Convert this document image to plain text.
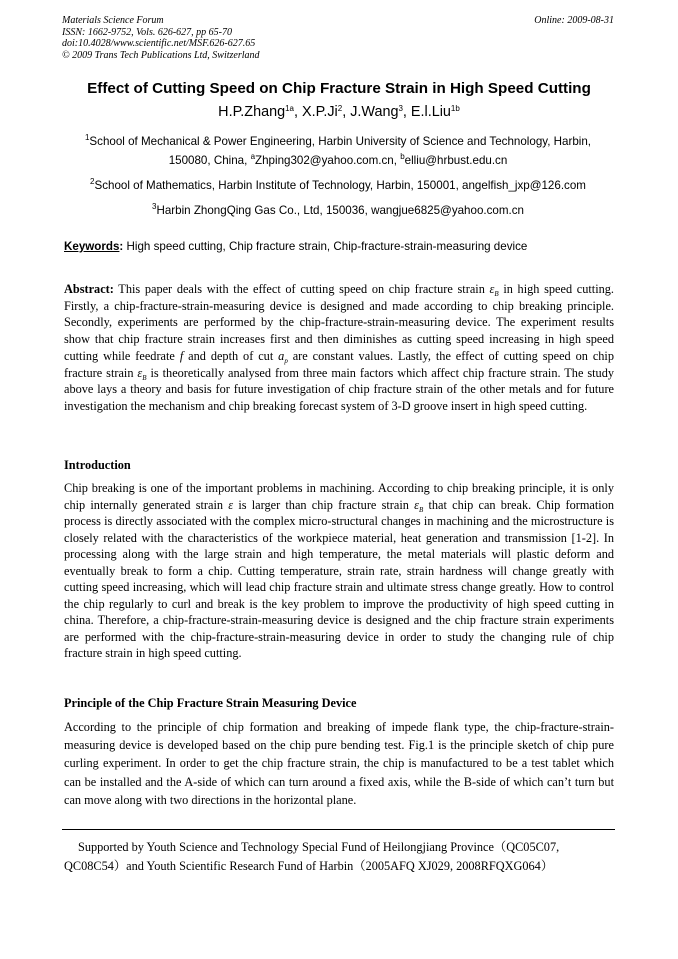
Materials Science Forum
ISSN: 1662-9752, Vols. 626-627, pp 65-70
doi:10.4028/www.scientific.net/MSF.626-627.65
© 2009 Trans Tech Publications Ltd, Switzerland
Online: 2009-08-31
Effect of Cutting Speed on Chip Fracture Strain in High Speed Cutting
H.P.Zhang$^{1a}$, X.P.Ji$^2$, J.Wang$^3$, E.l.Liu$^{1b}$
$^1$School of Mechanical & Power Engineering, Harbin University of Science and Technology, Harbin,
150080, China, $^a$Zhping302@yahoo.com.cn, $^b$elliu@hrbust.edu.cn
$^2$School of Mathematics, Harbin Institute of Technology, Harbin, 150001, angelfish_jxp@126.com
$^3$Harbin ZhongQing Gas Co., Ltd, 150036, wangjue6825@yahoo.com.cn
Keywords: High speed cutting, Chip fracture strain, Chip-fracture-strain-measuring device
Abstract: This paper deals with the effect of cutting speed on chip fracture strain $\varepsilon_B$ in high speed cutting. Firstly, a chip-fracture-strain-measuring device is designed and made according to chip breaking principle. Secondly, experiments are performed by the chip-fracture-strain-measuring device. The experiment results show that chip fracture strain increases first and then diminishes as cutting speed increasing in high speed cutting while feedrate f and depth of cut $a_p$ are constant values. Lastly, the effect of cutting speed on chip fracture strain $\varepsilon_B$ is theoretically analysed from three main factors which affect chip fracture strain. The study above lays a theory and basis for future investigation of chip fracture strain of the other metals and for future investigation the mechanism and chip breaking forecast system of 3-D groove insert in high speed cutting.
Introduction
Chip breaking is one of the important problems in machining. According to chip breaking principle, it is only chip internally generated strain ε is larger than chip fracture strain $\varepsilon_B$ that chip can break. Chip formation process is directly associated with the complex micro-structural changes in machining and the microstructure is closely related with the characteristics of the workpiece material, heat generation and transmission [1-2]. In processing along with the large strain and high temperature, the metal materials will plastic deform and eventually break to form a chip. Cutting temperature, strain rate, strain hardness will change greatly with cutting speed increasing, which will lead chip fracture strain and ultimate stress change greatly. How to control the chip regularly to curl and break is the key problem to improve the productivity of high speed cutting in china. Therefore, a chip-fracture-strain-measuring device is designed and the chip fracture strain experiments are performed with the chip-fracture-strain-measuring device in order to study the changing rule of chip fracture strain in high speed cutting.
Principle of the Chip Fracture Strain Measuring Device
According to the principle of chip formation and breaking of impede flank type, the chip-fracture-strain-measuring device is developed based on the chip pure bending test. Fig.1 is the principle sketch of chip pure curling experiment. In order to get the chip fracture strain, the chip is manufactured to be a test tablet which can be installed and the A-side of which can turn around a fixed axis, while the B-side of which can’t turn but can move along with two directions in the horizontal plane.
Supported by Youth Science and Technology Special Fund of Heilongjiang Province（QC05C07, QC08C54）and Youth Scientific Research Fund of Harbin（2005AFQ XJ029, 2008RFQXG064）
